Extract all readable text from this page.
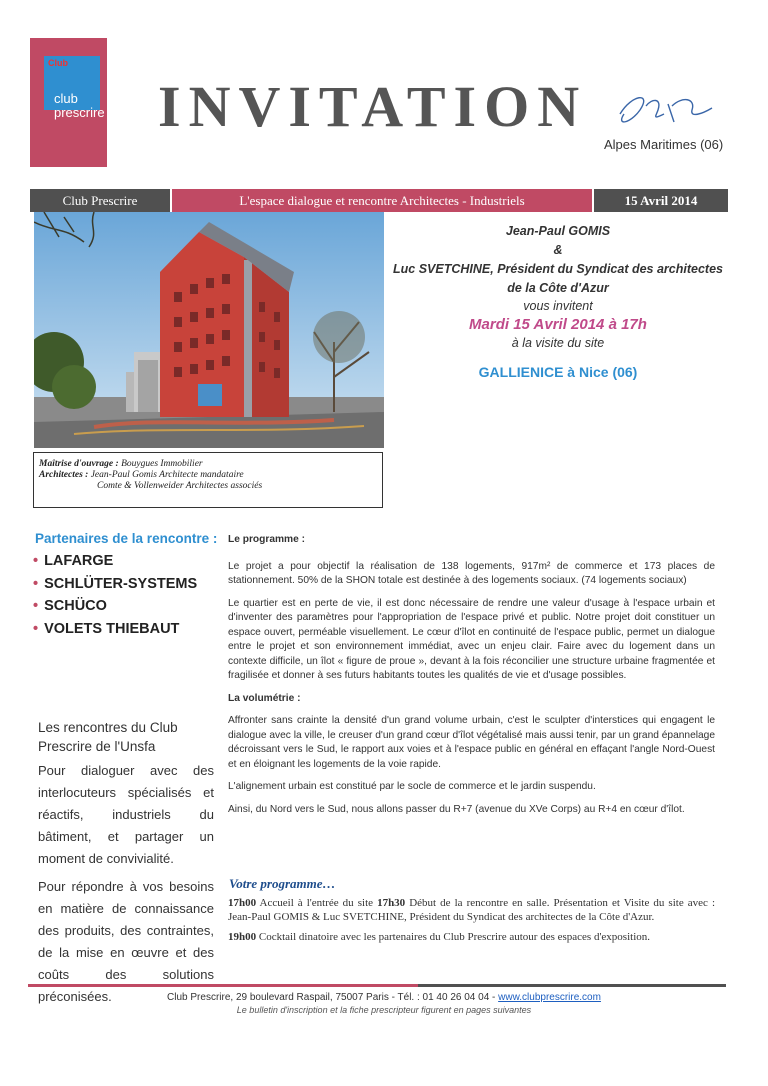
Club
club
prescrire INVITATION
Alpes Maritimes (06)
Club Prescrire	L'espace dialogue et rencontre Architectes - Industriels	15 Avril 2014
Maîtrise d'ouvrage : Bouygues Immobilier
Architectes : Jean-Paul Gomis Architecte mandataire
Comte & Vollenweider Architectes associés
Jean-Paul GOMIS
&
Luc SVETCHINE, Président du Syndicat des architectes
de la Côte d'Azur
vous invitent
Mardi 15 Avril 2014 à 17h
à la visite du site
GALLIENICE à Nice (06)
Partenaires de la rencontre :
• LAFARGE
• SCHLÜTER-SYSTEMS
• SCHÜCO
• VOLETS THIEBAUT
Les rencontres du Club Prescrire de l'Unsfa

Pour dialoguer avec des interlocuteurs spécialisés et réactifs, industriels du bâtiment, et partager un moment de convivialité.

Pour répondre à vos besoins en matière de connaissance des produits, des contraintes, de la mise en œuvre et des coûts des solutions préconisées.

Le programme :

Le projet a pour objectif la réalisation de 138 logements, 917m² de commerce et 173 places de stationnement. 50% de la SHON totale est destinée à des logements sociaux. (74 logements sociaux)

Le quartier est en perte de vie, il est donc nécessaire de rendre une valeur d'usage à l'espace urbain et d'inventer des paramètres pour l'appropriation de l'espace privé et public. Notre projet doit constituer un espace ouvert, perméable visuellement. Le cœur d'îlot en continuité de l'espace public, permet un dialogue entre le projet et son environnement immédiat, avec un enjeu clair. Faire avec du logement dans un contexte difficile, un îlot « figure de proue », devant à la fois réconcilier une structure urbaine fragmentée et fragilisée et donner à ses futurs habitants toutes les qualités de vie et d'usage possibles.

La volumétrie :

Affronter sans crainte la densité d'un grand volume urbain, c'est le sculpter d'interstices qui engagent le dialogue avec la ville, le creuser d'un grand cœur d'îlot végétalisé mais aussi tenir, par un grand épannelage décroissant vers le Sud, le rapport aux voies et à l'espace public en général en effaçant l'angle Nord-Ouest et en éloignant les logements de la voie rapide.

L'alignement urbain est constitué par le socle de commerce et le jardin suspendu.

Ainsi, du Nord vers le Sud, nous allons passer du R+7 (avenue du XVe Corps) au R+4 en cœur d'îlot.

Votre programme…

17h00 Accueil à l'entrée du site 17h30 Début de la rencontre en salle. Présentation et Visite du site avec : Jean-Paul GOMIS & Luc SVETCHINE, Président du Syndicat des architectes de la Côte d'Azur.

19h00 Cocktail dinatoire avec les partenaires du Club Prescrire autour des espaces d'exposition.

Club Prescrire, 29 boulevard Raspail, 75007 Paris - Tél. : 01 40 26 04 04 - www.clubprescrire.com
Le bulletin d'inscription et la fiche prescripteur figurent en pages suivantes
